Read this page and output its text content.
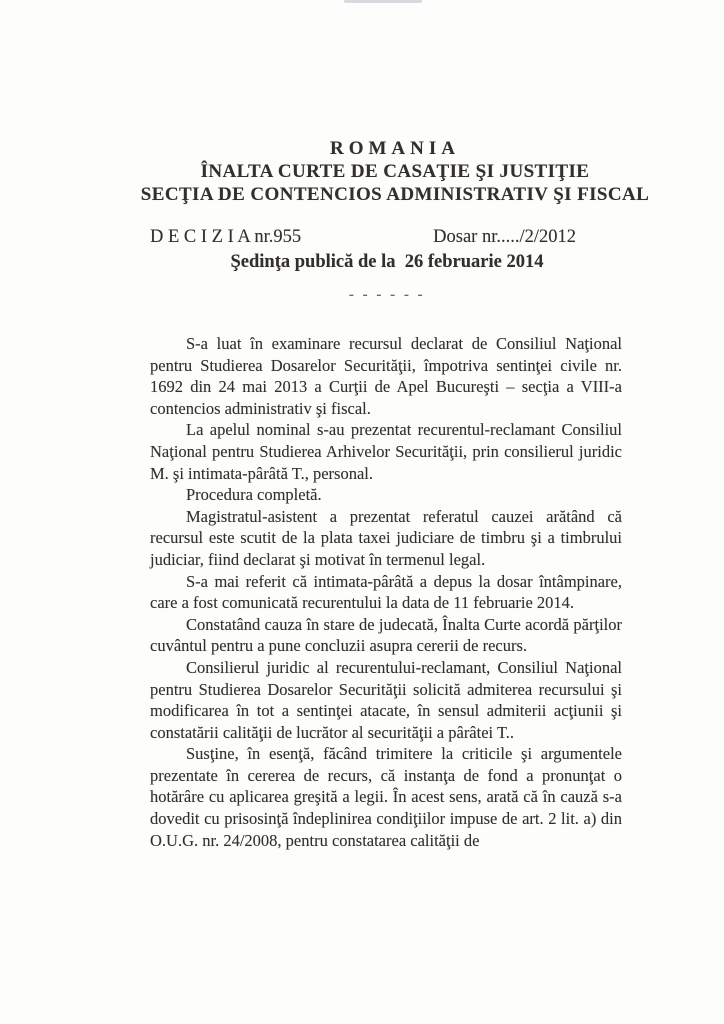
ROMANIA
ÎNALTA CURTE DE CASAŢIE ŞI JUSTIŢIE
SECŢIA DE CONTENCIOS ADMINISTRATIV ŞI FISCAL
D E C I Z I A nr.955	Dosar nr...../2/2012
Şedinţa publică de la  26 februarie 2014
- - - - - -

S-a luat în examinare recursul declarat de Consiliul Naţional pentru Studierea Dosarelor Securităţii, împotriva sentinţei civile nr. 1692 din 24 mai 2013 a Curţii de Apel Bucureşti – secţia a VIII-a contencios administrativ şi fiscal.

La apelul nominal s-au prezentat recurentul-reclamant Consiliul Naţional pentru Studierea Arhivelor Securităţii, prin consilierul juridic M. şi intimata-pârâtă T., personal.

Procedura completă.

Magistratul-asistent a prezentat referatul cauzei arătând că recursul este scutit de la plata taxei judiciare de timbru şi a timbrului judiciar, fiind declarat şi motivat în termenul legal.

S-a mai referit că intimata-pârâtă a depus la dosar întâmpinare, care a fost comunicată recurentului la data de 11 februarie 2014.

Constatând cauza în stare de judecată, Înalta Curte acordă părţilor cuvântul pentru a pune concluzii asupra cererii de recurs.

Consilierul juridic al recurentului-reclamant, Consiliul Naţional pentru Studierea Dosarelor Securităţii solicită admiterea recursului şi modificarea în tot a sentinţei atacate, în sensul admiterii acţiunii şi constatării calităţii de lucrător al securităţii a pârâtei T..

Susţine, în esenţă, făcând trimitere la criticile şi argumentele prezentate în cererea de recurs, că instanţa de fond a pronunţat o hotărâre cu aplicarea greşită a legii. În acest sens, arată că în cauză s-a dovedit cu prisosinţă îndeplinirea condiţiilor impuse de art. 2 lit. a) din O.U.G. nr. 24/2008, pentru constatarea calităţii de
